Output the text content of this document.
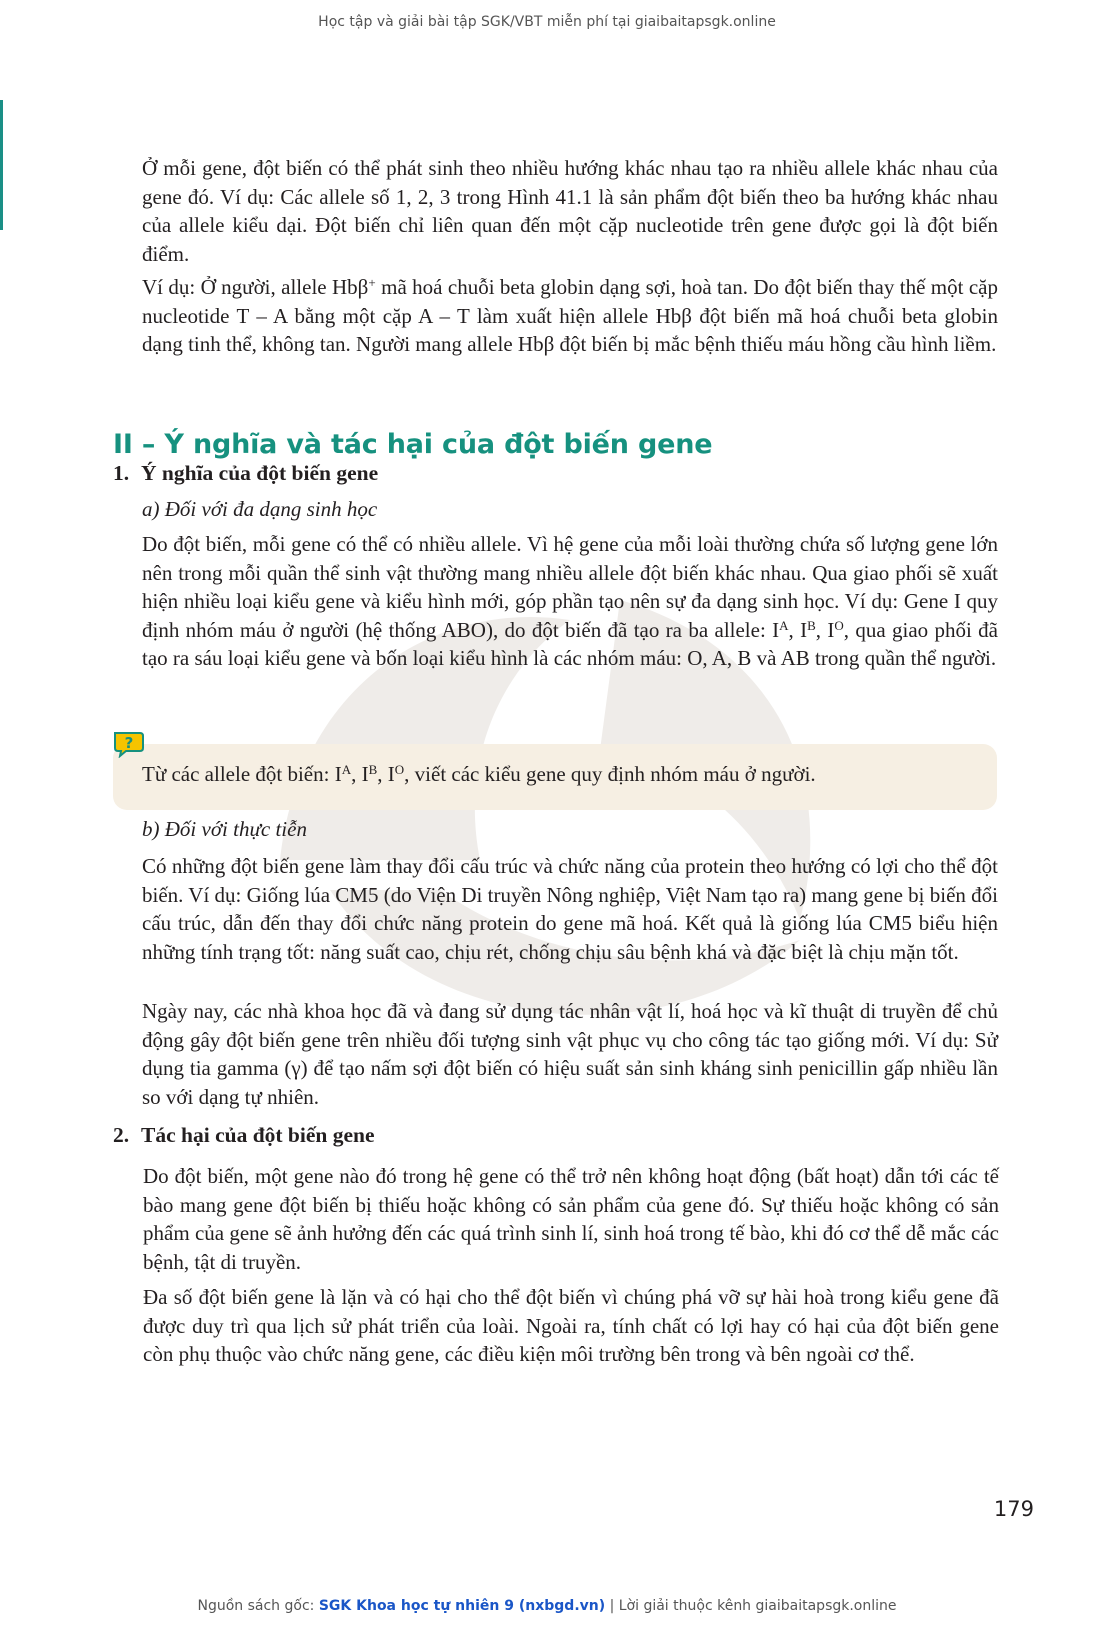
Học tập và giải bài tập SGK/VBT miễn phí tại giaibaitapsgk.online

Ở mỗi gene, đột biến có thể phát sinh theo nhiều hướng khác nhau tạo ra nhiều allele khác nhau của gene đó. Ví dụ: Các allele số 1, 2, 3 trong Hình 41.1 là sản phẩm đột biến theo ba hướng khác nhau của allele kiểu dại. Đột biến chỉ liên quan đến một cặp nucleotide trên gene được gọi là đột biến điểm.

Ví dụ: Ở người, allele Hbβ+ mã hoá chuỗi beta globin dạng sợi, hoà tan. Do đột biến thay thế một cặp nucleotide T – A bằng một cặp A – T làm xuất hiện allele Hbβ đột biến mã hoá chuỗi beta globin dạng tinh thể, không tan. Người mang allele Hbβ đột biến bị mắc bệnh thiếu máu hồng cầu hình liềm.

II – Ý nghĩa và tác hại của đột biến gene
1. Ý nghĩa của đột biến gene
a) Đối với đa dạng sinh học

Do đột biến, mỗi gene có thể có nhiều allele. Vì hệ gene của mỗi loài thường chứa số lượng gene lớn nên trong mỗi quần thể sinh vật thường mang nhiều allele đột biến khác nhau. Qua giao phối sẽ xuất hiện nhiều loại kiểu gene và kiểu hình mới, góp phần tạo nên sự đa dạng sinh học. Ví dụ: Gene I quy định nhóm máu ở người (hệ thống ABO), do đột biến đã tạo ra ba allele: $I^A$, $I^B$, $I^O$, qua giao phối đã tạo ra sáu loại kiểu gene và bốn loại kiểu hình là các nhóm máu: O, A, B và AB trong quần thể người.

?

Từ các allele đột biến: $I^A$, $I^B$, $I^O$, viết các kiểu gene quy định nhóm máu ở người.

b) Đối với thực tiễn

Có những đột biến gene làm thay đổi cấu trúc và chức năng của protein theo hướng có lợi cho thể đột biến. Ví dụ: Giống lúa CM5 (do Viện Di truyền Nông nghiệp, Việt Nam tạo ra) mang gene bị biến đổi cấu trúc, dẫn đến thay đổi chức năng protein do gene mã hoá. Kết quả là giống lúa CM5 biểu hiện những tính trạng tốt: năng suất cao, chịu rét, chống chịu sâu bệnh khá và đặc biệt là chịu mặn tốt.

Ngày nay, các nhà khoa học đã và đang sử dụng tác nhân vật lí, hoá học và kĩ thuật di truyền để chủ động gây đột biến gene trên nhiều đối tượng sinh vật phục vụ cho công tác tạo giống mới. Ví dụ: Sử dụng tia gamma (γ) để tạo nấm sợi đột biến có hiệu suất sản sinh kháng sinh penicillin gấp nhiều lần so với dạng tự nhiên.

2. Tác hại của đột biến gene

Do đột biến, một gene nào đó trong hệ gene có thể trở nên không hoạt động (bất hoạt) dẫn tới các tế bào mang gene đột biến bị thiếu hoặc không có sản phẩm của gene đó. Sự thiếu hoặc không có sản phẩm của gene sẽ ảnh hưởng đến các quá trình sinh lí, sinh hoá trong tế bào, khi đó cơ thể dễ mắc các bệnh, tật di truyền.

Đa số đột biến gene là lặn và có hại cho thể đột biến vì chúng phá vỡ sự hài hoà trong kiểu gene đã được duy trì qua lịch sử phát triển của loài. Ngoài ra, tính chất có lợi hay có hại của đột biến gene còn phụ thuộc vào chức năng gene, các điều kiện môi trường bên trong và bên ngoài cơ thể.

179
Nguồn sách gốc: SGK Khoa học tự nhiên 9 (nxbgd.vn) | Lời giải thuộc kênh giaibaitapsgk.online
